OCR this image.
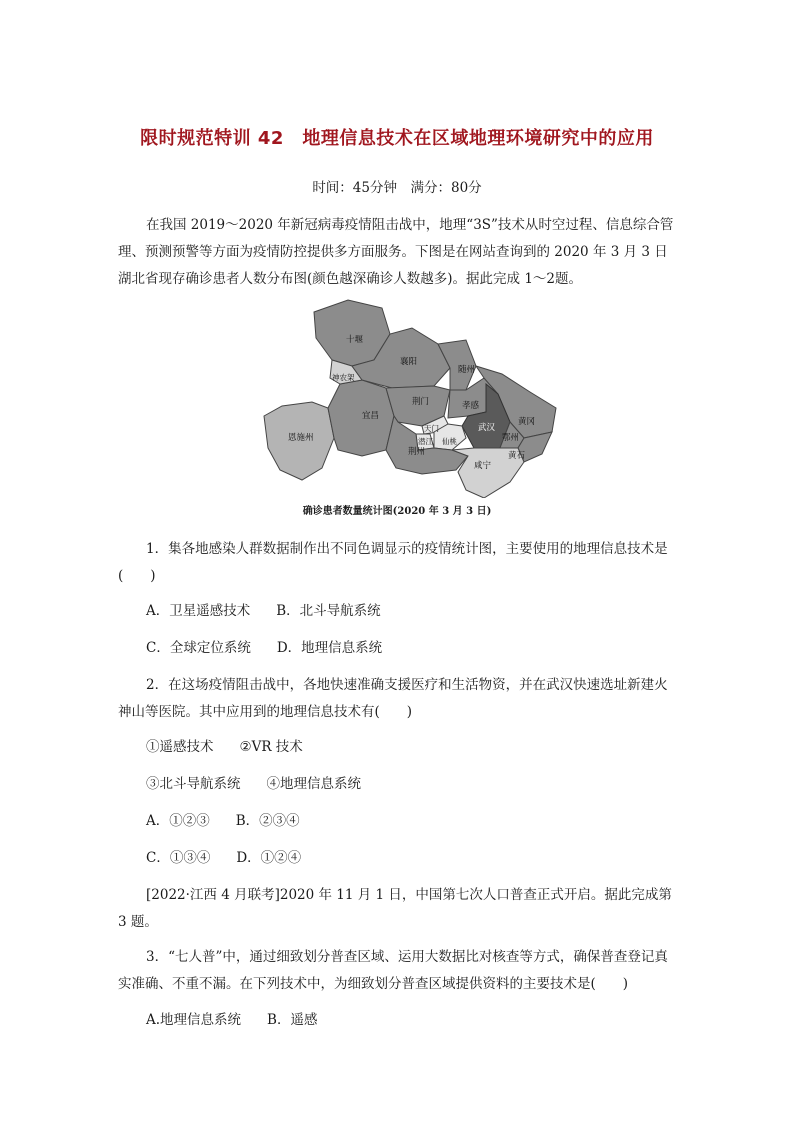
限时规范特训 42　地理信息技术在区域地理环境研究中的应用
时间：45分钟　满分：80分
在我国 2019～2020 年新冠病毒疫情阻击战中，地理“3S”技术从时空过程、信息综合管理、预测预警等方面为疫情防控提供多方面服务。下图是在网站查询到的 2020 年 3 月 3 日湖北省现存确诊患者人数分布图(颜色越深确诊人数越多)。据此完成 1～2题。
十堰
襄阳
随州
神农架
宜昌
荆门	孝感
恩施州
天门
潜江 仙桃
武汉
黄冈
鄂州
黄石
荆州
咸宁
确诊患者数量统计图(2020 年 3 月 3 日)
1．集各地感染人群数据制作出不同色调显示的疫情统计图，主要使用的地理信息技术是(　　)
A．卫星遥感技术 B．北斗导航系统
C．全球定位系统 D．地理信息系统
2．在这场疫情阻击战中，各地快速准确支援医疗和生活物资，并在武汉快速选址新建火神山等医院。其中应用到的地理信息技术有(　　)
①遥感技术 ②VR 技术
③北斗导航系统 ④地理信息系统
A．①②③ B．②③④
C．①③④ D．①②④
[2022·江西 4 月联考]2020 年 11 月 1 日，中国第七次人口普查正式开启。据此完成第3 题。
3．“七人普”中，通过细致划分普查区域、运用大数据比对核查等方式，确保普查登记真实准确、不重不漏。在下列技术中，为细致划分普查区域提供资料的主要技术是(　　)
A.地理信息系统 B．遥感
